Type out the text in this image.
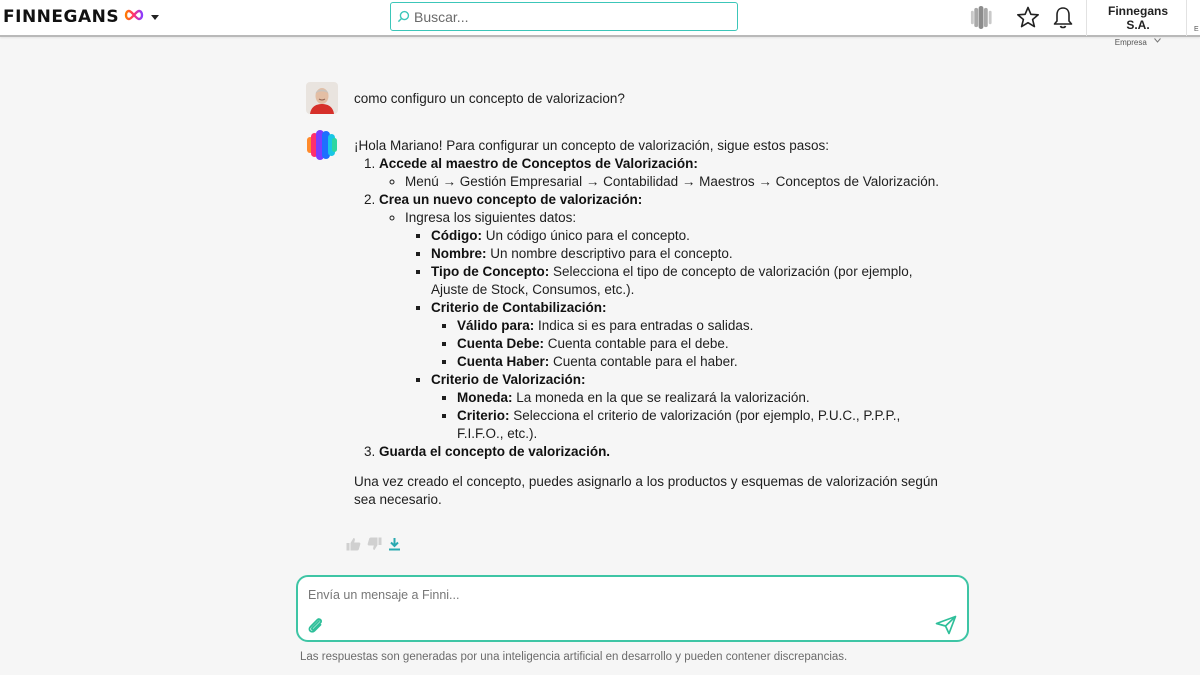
FINNEGANS
Buscar...	Finnegans S.A.
Empresa
E
como configuro un concepto de valorizacion?
¡Hola Mariano! Para configurar un concepto de valorización, sigue estos pasos:
1. Accede al maestro de Conceptos de Valorización:
◦ Menú → Gestión Empresarial → Contabilidad → Maestros → Conceptos de Valorización.
2. Crea un nuevo concepto de valorización:
◦ Ingresa los siguientes datos:
▪ Código: Un código único para el concepto.
▪ Nombre: Un nombre descriptivo para el concepto.
▪ Tipo de Concepto: Selecciona el tipo de concepto de valorización (por ejemplo, Ajuste de Stock, Consumos, etc.).
▪ Criterio de Contabilización:
▪ Válido para: Indica si es para entradas o salidas.
▪ Cuenta Debe: Cuenta contable para el debe.
▪ Cuenta Haber: Cuenta contable para el haber.
▪ Criterio de Valorización:
▪ Moneda: La moneda en la que se realizará la valorización.
▪ Criterio: Selecciona el criterio de valorización (por ejemplo, P.U.C., P.P.P., F.I.F.O., etc.).
3. Guarda el concepto de valorización.
Una vez creado el concepto, puedes asignarlo a los productos y esquemas de valorización según sea necesario.
Envía un mensaje a Finni...
Las respuestas son generadas por una inteligencia artificial en desarrollo y pueden contener discrepancias.
